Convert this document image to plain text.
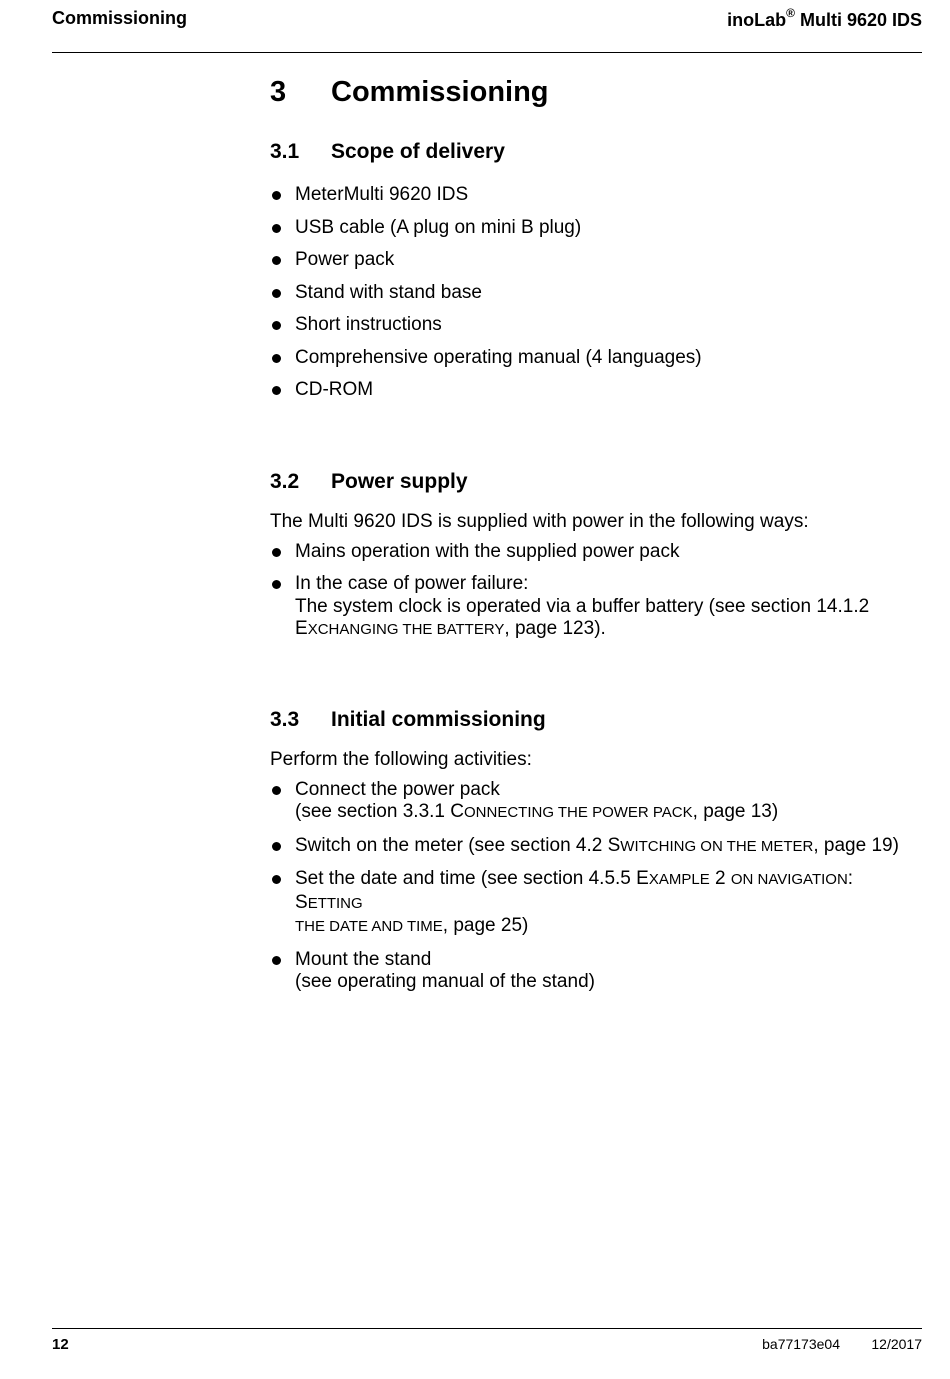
Commissioning	inoLab® Multi 9620 IDS
3 Commissioning
3.1 Scope of delivery
MeterMulti 9620 IDS
USB cable (A plug on mini B plug)
Power pack
Stand with stand base
Short instructions
Comprehensive operating manual (4 languages)
CD-ROM
3.2 Power supply
The Multi 9620 IDS is supplied with power in the following ways:
Mains operation with the supplied power pack
In the case of power failure:
The system clock is operated via a buffer battery (see section 14.1.2
EXCHANGING THE BATTERY, page 123).
3.3 Initial commissioning
Perform the following activities:
Connect the power pack
(see section 3.3.1 CONNECTING THE POWER PACK, page 13)
Switch on the meter (see section 4.2 SWITCHING ON THE METER, page 19)
Set the date and time (see section 4.5.5 EXAMPLE 2 ON NAVIGATION: SETTING
THE DATE AND TIME, page 25)
Mount the stand
(see operating manual of the stand)
12	ba77173e04 12/2017
